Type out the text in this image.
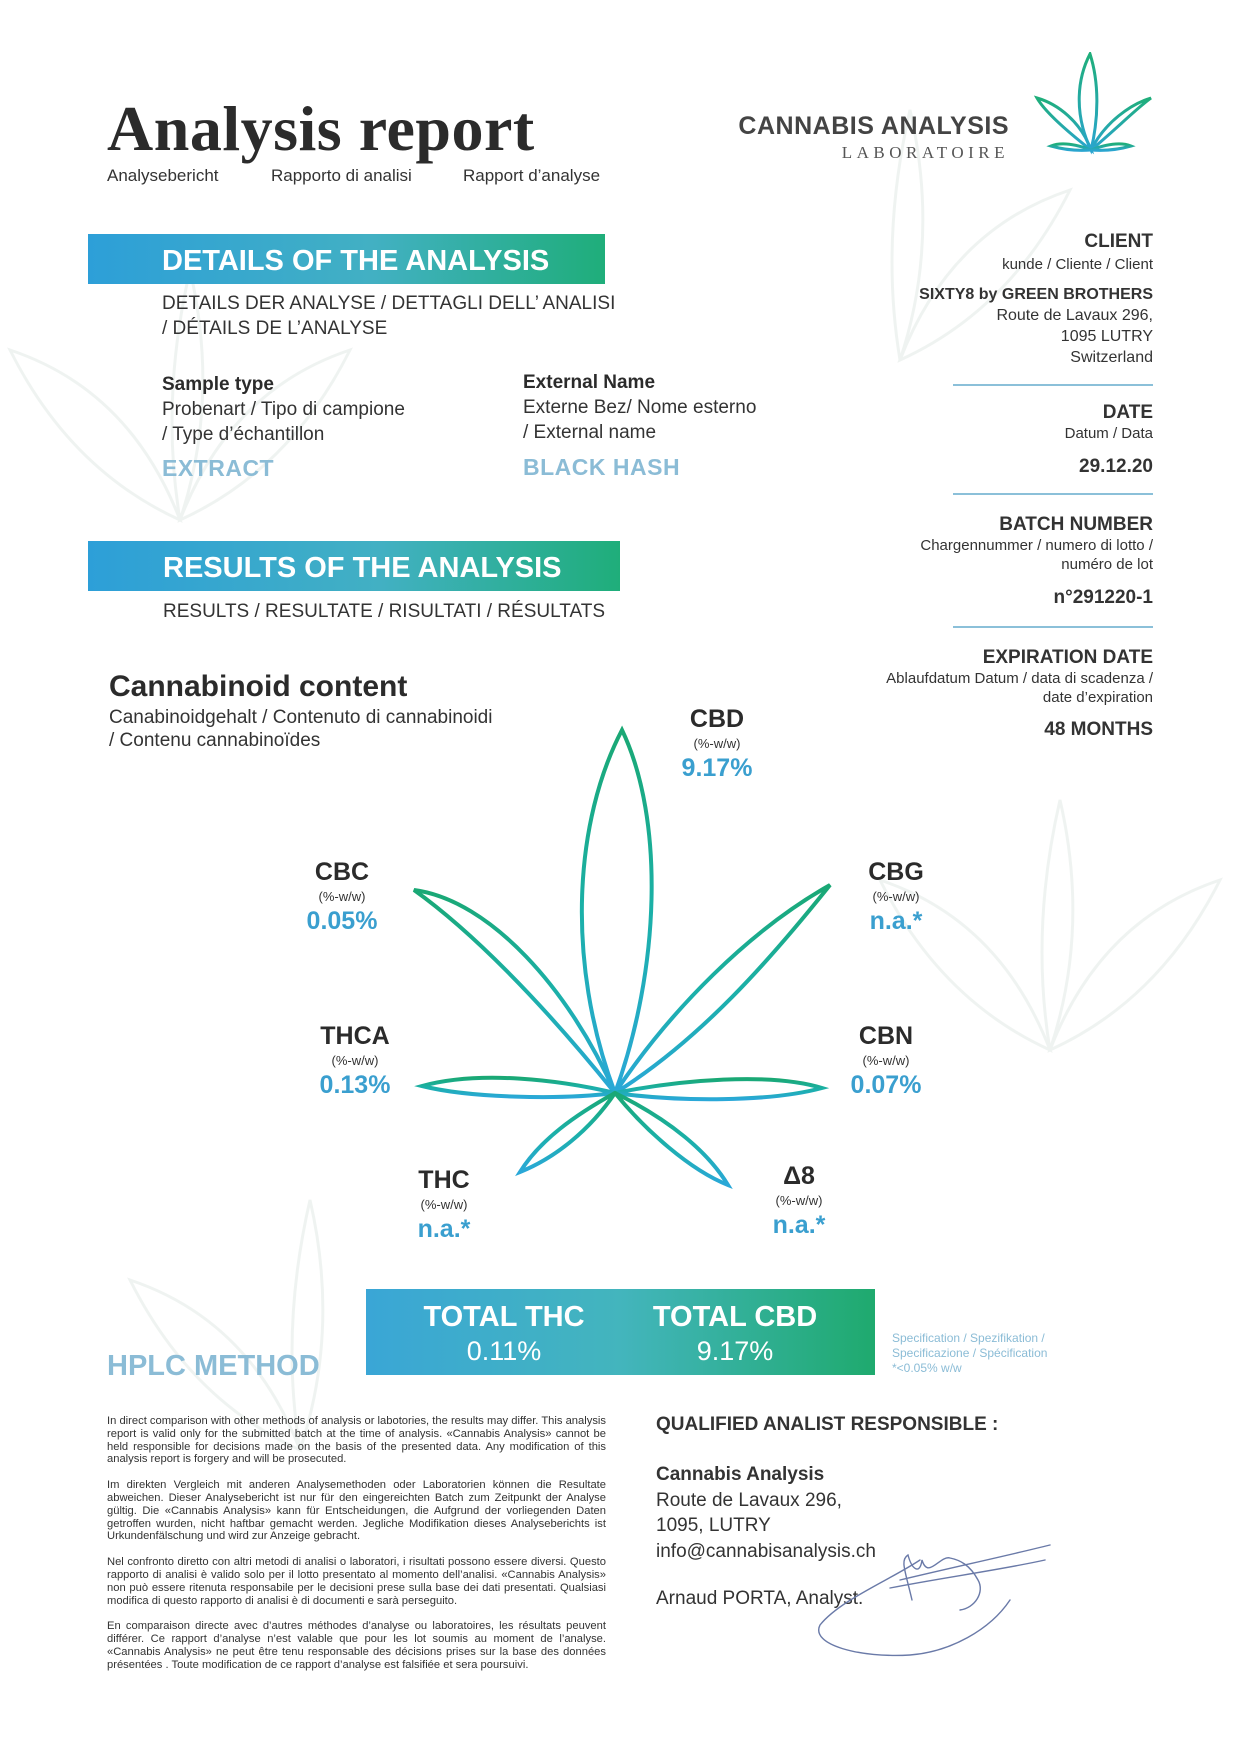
Analysis report
Analysebericht	Rapporto di analisi	Rapport d’analyse
CANNABIS ANALYSIS
LABORATOIRE
DETAILS OF THE ANALYSIS
DETAILS DER ANALYSE / DETTAGLI DELL’ ANALISI
/ DÉTAILS DE L’ANALYSE
Sample type
Probenart / Tipo di campione
/ Type d’échantillon
EXTRACT
External Name
Externe Bez/ Nome esterno
/ External name
BLACK HASH
CLIENT
kunde / Cliente / Client
SIXTY8 by GREEN BROTHERS
Route de Lavaux 296,
1095 LUTRY
Switzerland
DATE
Datum / Data
29.12.20
BATCH NUMBER
Chargennummer / numero di lotto /
numéro de lot
n°291220-1
EXPIRATION DATE
Ablaufdatum Datum / data di scadenza /
date d’expiration
48 MONTHS
RESULTS OF THE ANALYSIS
RESULTS / RESULTATE / RISULTATI / RÉSULTATS
Cannabinoid content
Canabinoidgehalt / Contenuto di cannabinoidi
/ Contenu cannabinoïdes
CBD
(%-w/w)
9.17%
CBC
(%-w/w)
0.05%
CBG
(%-w/w)
n.a.*
THCA
(%-w/w)
0.13%
CBN
(%-w/w)
0.07%
THC
(%-w/w)
n.a.*
Δ8
(%-w/w)
n.a.*
TOTAL THC
0.11%
TOTAL CBD
9.17%	Specification / Spezifikation /
Specificazione / Spécification
*<0.05% w/w
HPLC METHOD

In direct comparison with other methods of analysis or labotories, the results may differ. This analysis report is valid only for the submitted batch at the time of analysis. «Cannabis Analysis» cannot be held responsible for decisions made on the basis of the presented data. Any modification of this analysis report is forgery and will be prosecuted.

Im direkten Vergleich mit anderen Analysemethoden oder Laboratorien können die Resultate abweichen. Dieser Analysebericht ist nur für den eingereichten Batch zum Zeitpunkt der Analyse gültig. Die «Cannabis Analysis» kann für Entscheidungen, die Aufgrund der vorliegenden Daten getroffen wurden, nicht haftbar gemacht werden. Jegliche Modifikation dieses Analyseberichts ist Urkundenfälschung und wird zur Anzeige gebracht.

Nel confronto diretto con altri metodi di analisi o laboratori, i risultati possono essere diversi. Questo rapporto di analisi è valido solo per il lotto presentato al momento dell’analisi. «Cannabis Analysis» non può essere ritenuta responsabile per le decisioni prese sulla base dei dati presentati. Qualsiasi modifica di questo rapporto di analisi è di documenti e sarà perseguito.

En comparaison directe avec d’autres méthodes d’analyse ou laboratoires, les résultats peuvent différer. Ce rapport d’analyse n’est valable que pour les lot soumis au moment de l’analyse. «Cannabis Analysis» ne peut être tenu responsable des décisions prises sur la base des données présentées . Toute modification de ce rapport d’analyse est falsifiée et sera poursuivi.

QUALIFIED ANALIST RESPONSIBLE :
Cannabis Analysis
Route de Lavaux 296,
1095, LUTRY
info@cannabisanalysis.ch
Arnaud PORTA, Analyst.
